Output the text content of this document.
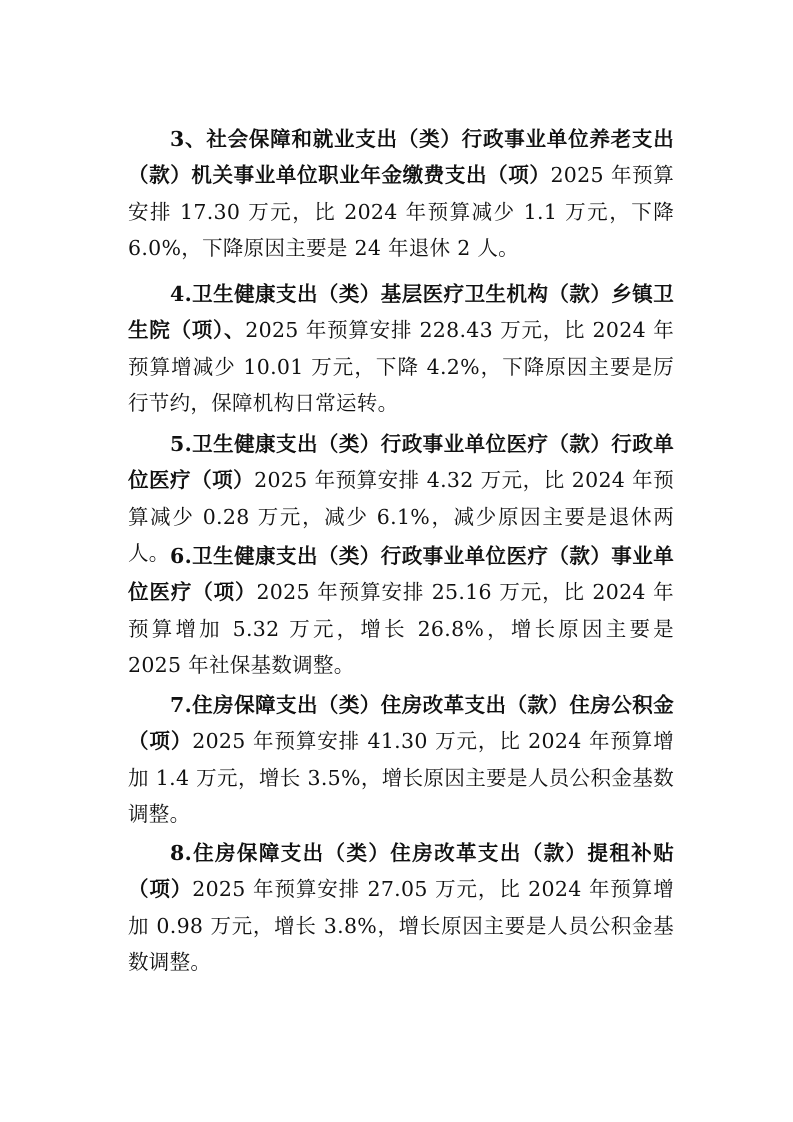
3、社会保障和就业支出（类）行政事业单位养老支出（款）机关事业单位职业年金缴费支出（项）2025 年预算安排 17.30 万元，比 2024 年预算减少 1.1 万元，下降 6.0%，下降原因主要是 24 年退休 2 人。

4.卫生健康支出（类）基层医疗卫生机构（款）乡镇卫 生院（项）、2025 年预算安排 228.43 万元，比 2024 年预算增减少 10.01 万元，下降 4.2%，下降原因主要是厉行节约，保障机构日常运转。

5.卫生健康支出（类）行政事业单位医疗（款）行政单 位医疗（项）2025 年预算安排 4.32 万元，比 2024 年预算减少 0.28 万元，减少 6.1%，减少原因主要是退休两人。 6.卫生健康支出（类）行政事业单位医疗（款）事业单 位医疗（项）2025 年预算安排 25.16 万元，比 2024 年预算增加 5.32 万元，增长 26.8%，增长原因主要是 2025 年社保基数调整。

7.住房保障支出（类）住房改革支出（款）住房公积金（项）2025 年预算安排 41.30 万元，比 2024 年预算增加 1.4 万元，增长 3.5%，增长原因主要是人员公积金基数调整。

8.住房保障支出（类）住房改革支出（款）提租补贴（项）2025 年预算安排 27.05 万元，比 2024 年预算增加 0.98 万元，增长 3.8%，增长原因主要是人员公积金基数调整。
